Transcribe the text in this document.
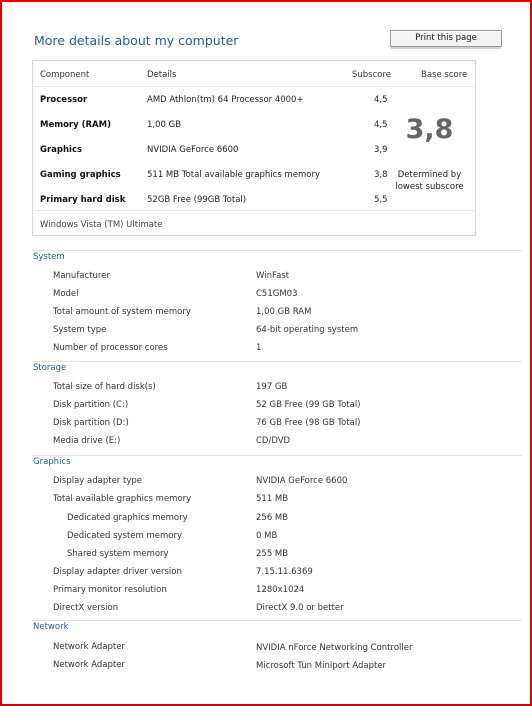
More details about my computer	Print this page
Component	Details	Subscore	Base score
Processor	AMD Athlon(tm) 64 Processor 4000+	4,5
Memory (RAM)	1,00 GB	4,5
Graphics	NVIDIA GeForce 6600	3,9
Gaming graphics	511 MB Total available graphics memory	3,8
Primary hard disk	52GB Free (99GB Total)	5,5
3,8
Determined by
lowest subscore
Windows Vista (TM) Ultimate
System
Manufacturer	WinFast
Model	C51GM03
Total amount of system memory	1,00 GB RAM
System type	64-bit operating system
Number of processor cores	1
Storage
Total size of hard disk(s)	197 GB
Disk partition (C:)	52 GB Free (99 GB Total)
Disk partition (D:)	76 GB Free (98 GB Total)
Media drive (E:)	CD/DVD
Graphics
Display adapter type	NVIDIA GeForce 6600
Total available graphics memory	511 MB
Dedicated graphics memory	256 MB
Dedicated system memory	0 MB
Shared system memory	255 MB
Display adapter driver version	7.15.11.6369
Primary monitor resolution	1280x1024
DirectX version	DirectX 9.0 or better
Network
Network Adapter	NVIDIA nForce Networking Controller
Network Adapter	Microsoft Tun Miniport Adapter
